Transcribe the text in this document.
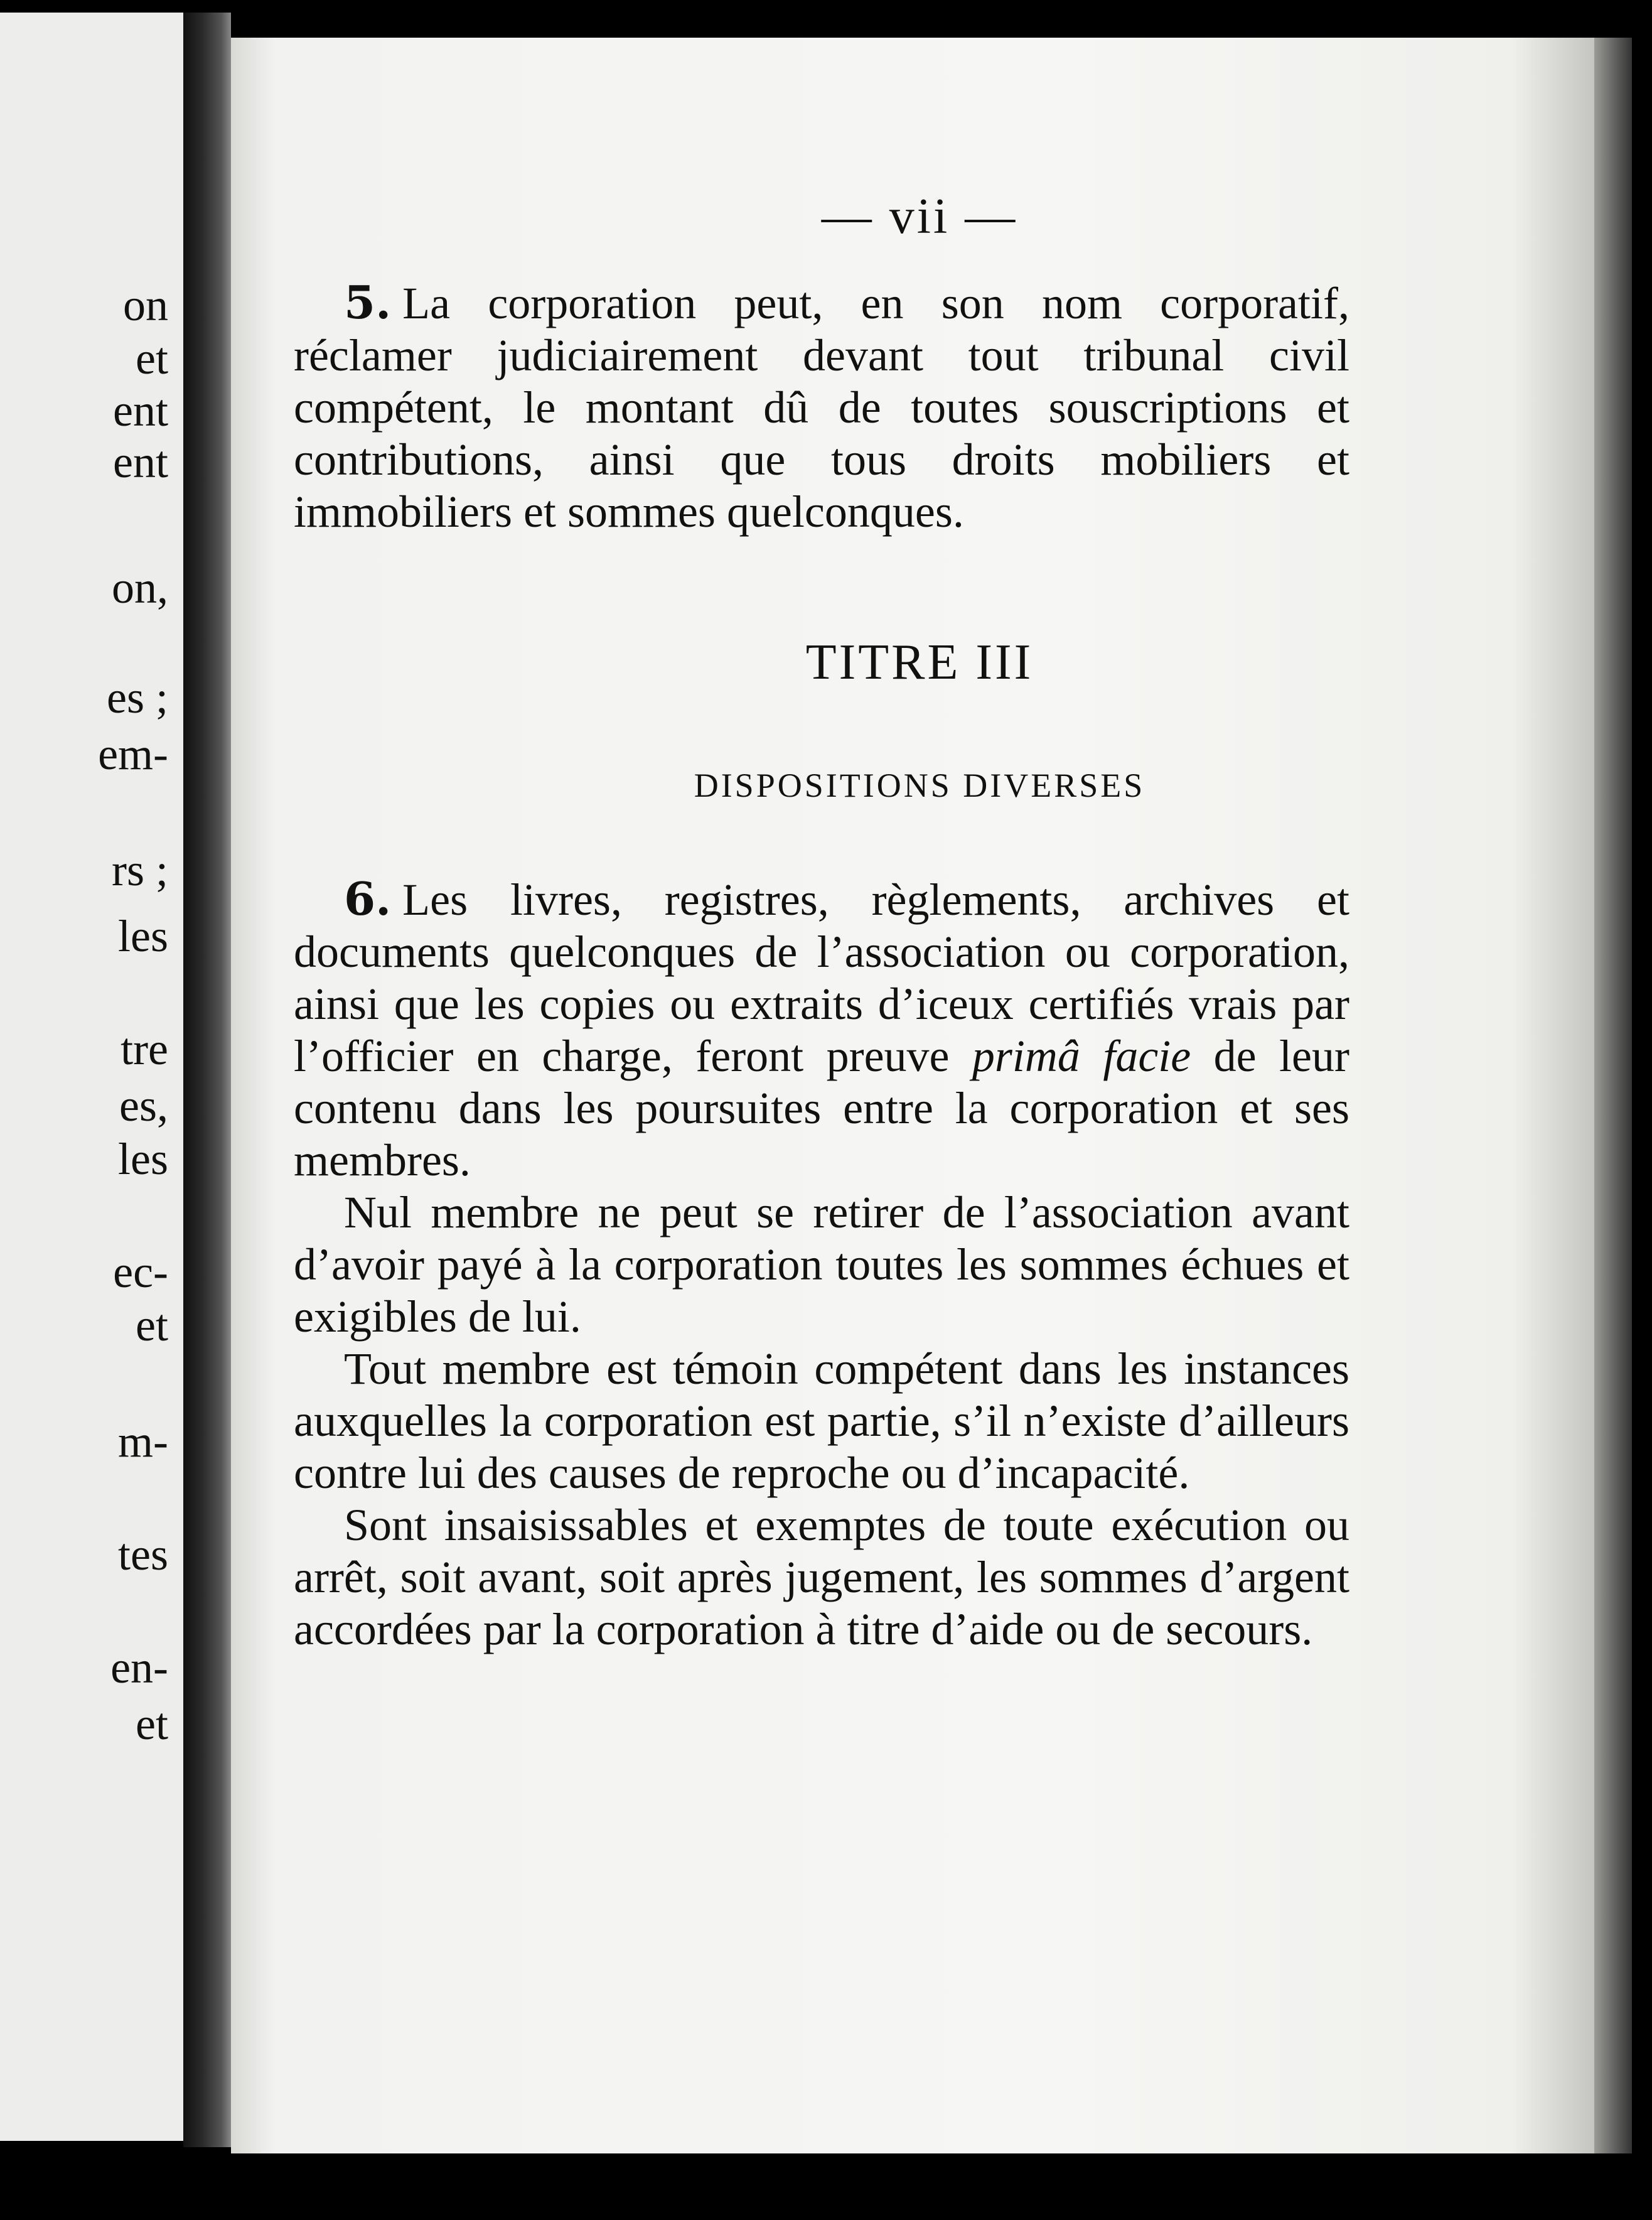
on
et
ent
ent
on,
es ;
em-
rs ;
les
tre
es,
les
ec-
et
m-
tes
en-
et
— vii —

5. La corporation peut, en son nom corporatif, réclamer judiciairement devant tout tribunal civil compétent, le montant dû de toutes souscriptions et contributions, ainsi que tous droits mobiliers et immobiliers et sommes quelconques.

TITRE III
DISPOSITIONS DIVERSES

6. Les livres, registres, règlements, archives et documents quelconques de l’association ou corporation, ainsi que les copies ou extraits d’iceux certifiés vrais par l’officier en charge, feront preuve primâ facie de leur contenu dans les poursuites entre la corporation et ses membres.

Nul membre ne peut se retirer de l’association avant d’avoir payé à la corporation toutes les sommes échues et exigibles de lui.

Tout membre est témoin compétent dans les instances auxquelles la corporation est partie, s’il n’existe d’ailleurs contre lui des causes de reproche ou d’incapacité.

Sont insaisissables et exemptes de toute exécution ou arrêt, soit avant, soit après jugement, les sommes d’argent accordées par la corporation à titre d’aide ou de secours.
